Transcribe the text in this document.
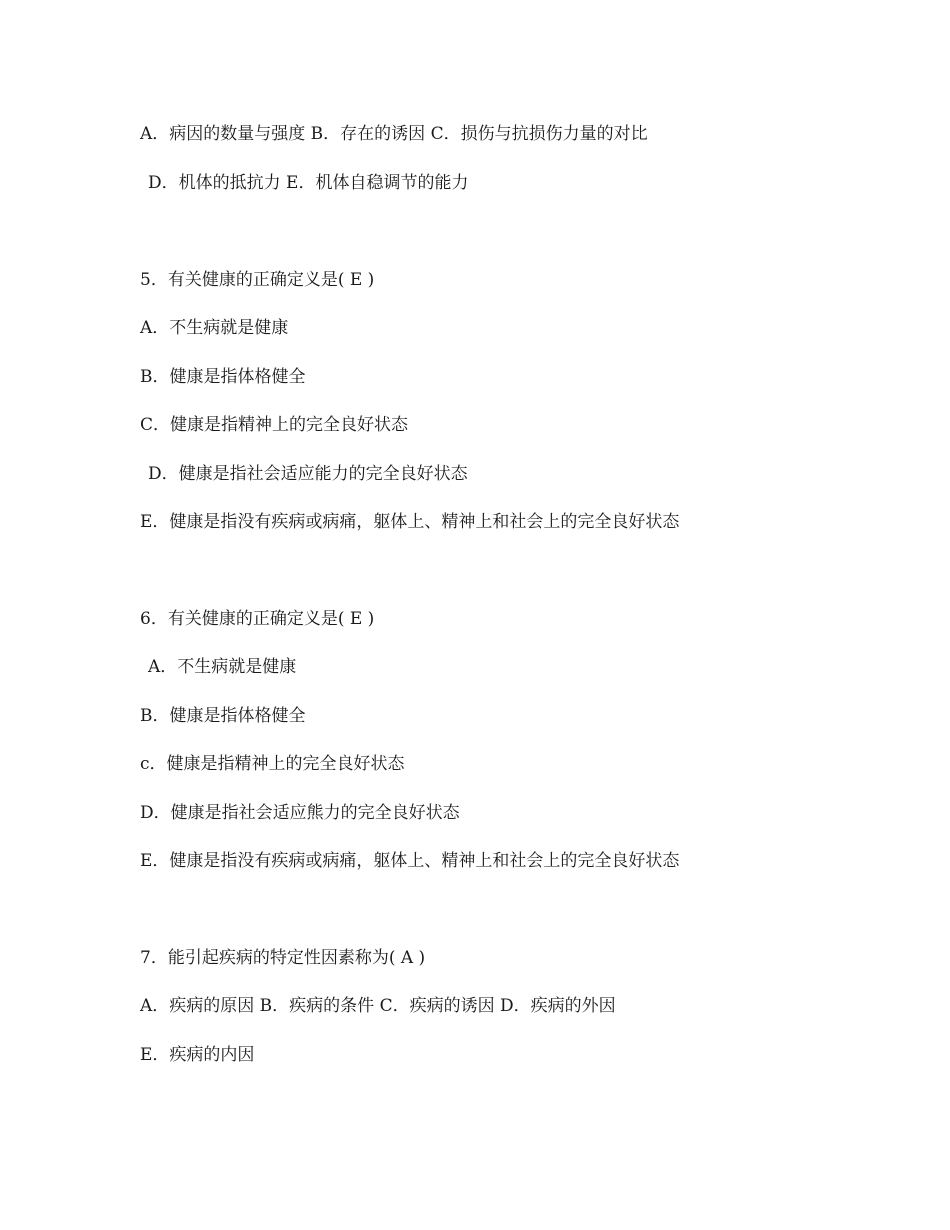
A．病因的数量与强度 B．存在的诱因 C．损伤与抗损伤力量的对比
D．机体的抵抗力 E．机体自稳调节的能力
5．有关健康的正确定义是( E )
A．不生病就是健康
B．健康是指体格健全
C．健康是指精神上的完全良好状态
D．健康是指社会适应能力的完全良好状态
E．健康是指没有疾病或病痛，躯体上、精神上和社会上的完全良好状态
6．有关健康的正确定义是( E )
A．不生病就是健康
B．健康是指体格健全
c．健康是指精神上的完全良好状态
D．健康是指社会适应熊力的完全良好状态
E．健康是指没有疾病或病痛，躯体上、精神上和社会上的完全良好状态
7．能引起疾病的特定性因素称为( A )
A．疾病的原因 B．疾病的条件 C．疾病的诱因 D．疾病的外因
E．疾病的内因
